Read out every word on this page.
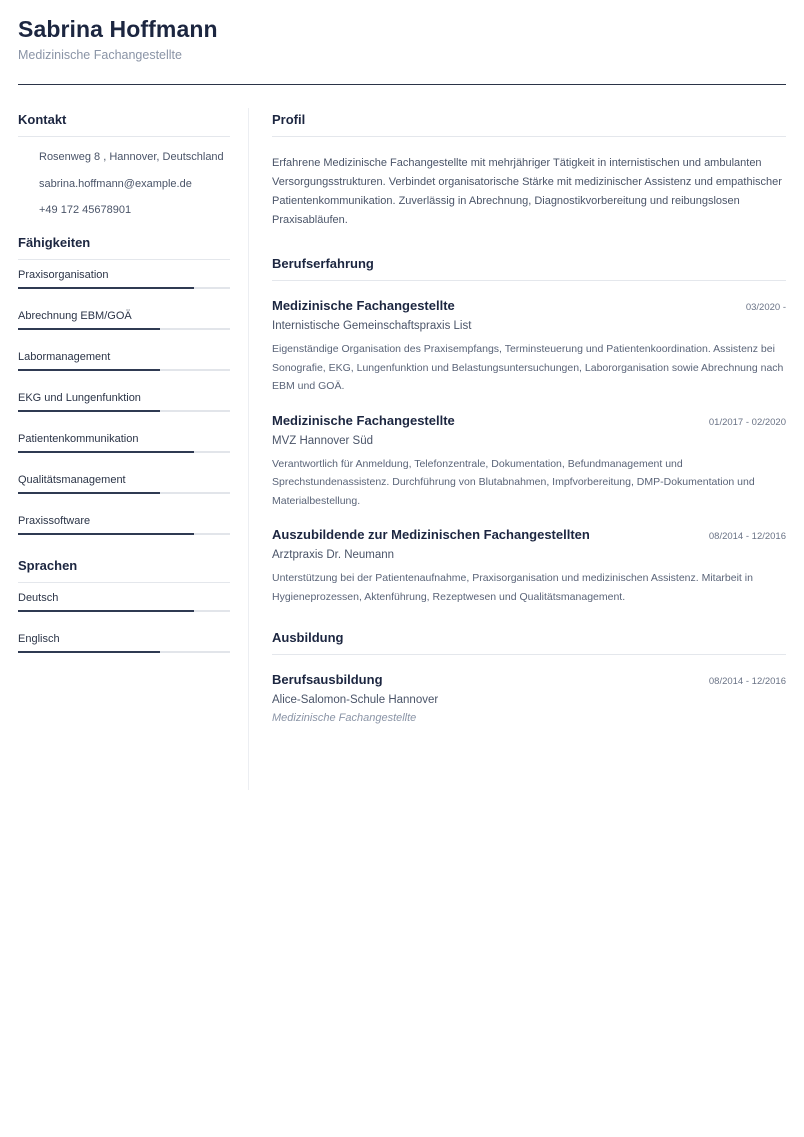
Sabrina Hoffmann
Medizinische Fachangestellte
Kontakt
Rosenweg 8 , Hannover, Deutschland
sabrina.hoffmann@example.de
+49 172 45678901
Fähigkeiten
Praxisorganisation
Abrechnung EBM/GOÄ
Labormanagement
EKG und Lungenfunktion
Patientenkommunikation
Qualitätsmanagement
Praxissoftware
Sprachen
Deutsch
Englisch
Profil

Erfahrene Medizinische Fachangestellte mit mehrjähriger Tätigkeit in internistischen und ambulanten Versorgungsstrukturen. Verbindet organisatorische Stärke mit medizinischer Assistenz und empathischer Patientenkommunikation. Zuverlässig in Abrechnung, Diagnostikvorbereitung und reibungslosen Praxisabläufen.

Berufserfahrung
Medizinische Fachangestellte	03/2020 -
Internistische Gemeinschaftspraxis List
Eigenständige Organisation des Praxisempfangs, Terminsteuerung und Patientenkoordination. Assistenz bei Sonografie, EKG, Lungenfunktion und Belastungsuntersuchungen, Labororganisation sowie Abrechnung nach EBM und GOÄ.
Medizinische Fachangestellte	01/2017 - 02/2020
MVZ Hannover Süd
Verantwortlich für Anmeldung, Telefonzentrale, Dokumentation, Befundmanagement und Sprechstundenassistenz. Durchführung von Blutabnahmen, Impfvorbereitung, DMP-Dokumentation und Materialbestellung.
Auszubildende zur Medizinischen Fachangestellten	08/2014 - 12/2016
Arztpraxis Dr. Neumann
Unterstützung bei der Patientenaufnahme, Praxisorganisation und medizinischen Assistenz. Mitarbeit in Hygieneprozessen, Aktenführung, Rezeptwesen und Qualitätsmanagement.
Ausbildung
Berufsausbildung	08/2014 - 12/2016
Alice-Salomon-Schule Hannover
Medizinische Fachangestellte
